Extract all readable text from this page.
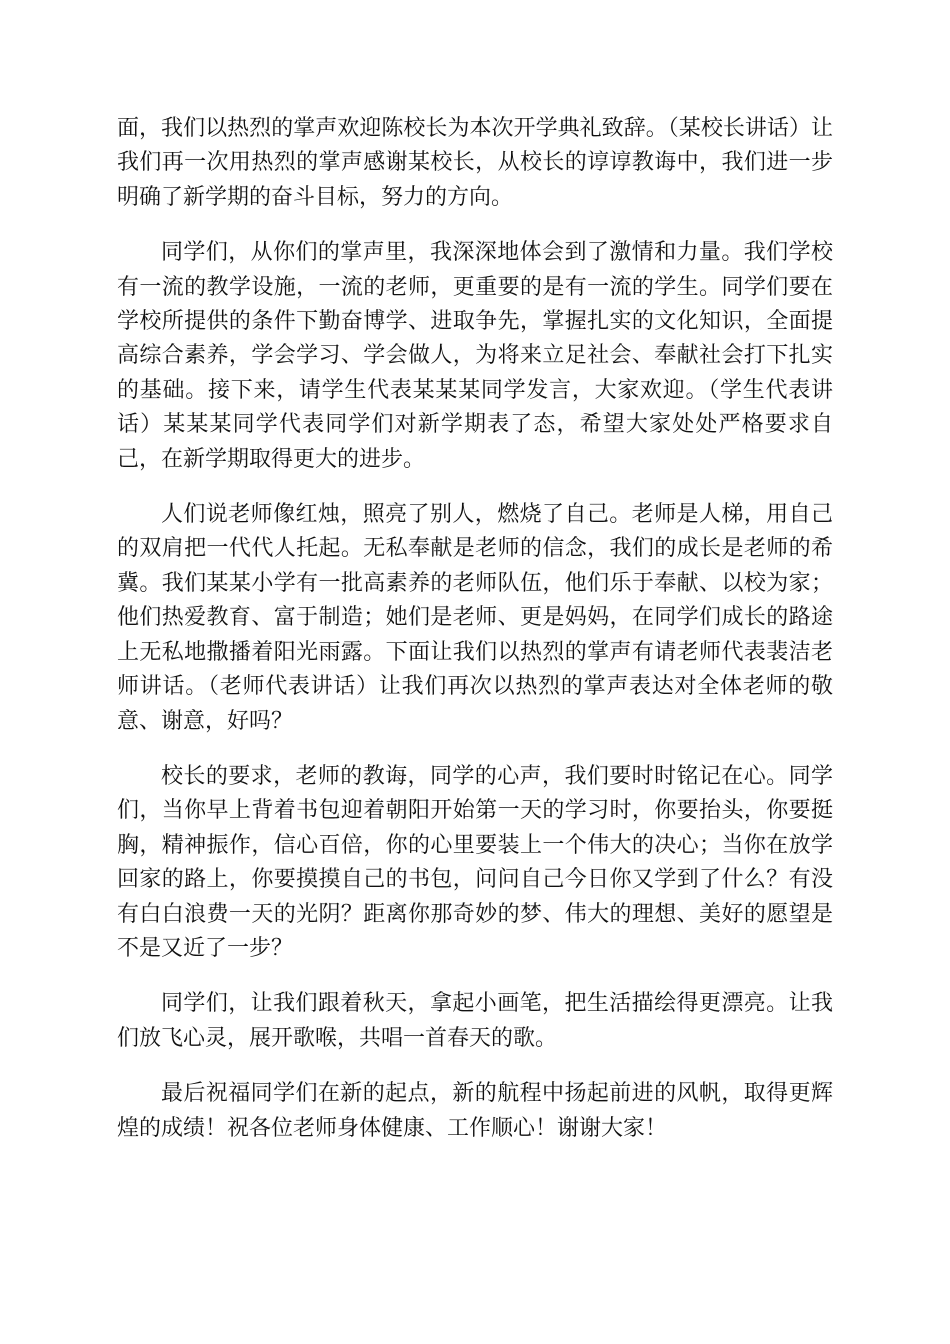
面，我们以热烈的掌声欢迎陈校长为本次开学典礼致辞。（某校长讲话）让我们再一次用热烈的掌声感谢某校长，从校长的谆谆教诲中，我们进一步明确了新学期的奋斗目标，努力的方向。

同学们，从你们的掌声里，我深深地体会到了激情和力量。我们学校有一流的教学设施，一流的老师，更重要的是有一流的学生。同学们要在学校所提供的条件下勤奋博学、进取争先，掌握扎实的文化知识，全面提高综合素养，学会学习、学会做人，为将来立足社会、奉献社会打下扎实的基础。接下来，请学生代表某某某同学发言，大家欢迎。（学生代表讲话）某某某同学代表同学们对新学期表了态，希望大家处处严格要求自己，在新学期取得更大的进步。

人们说老师像红烛，照亮了别人，燃烧了自己。老师是人梯，用自己的双肩把一代代人托起。无私奉献是老师的信念，我们的成长是老师的希冀。我们某某小学有一批高素养的老师队伍，他们乐于奉献、以校为家；他们热爱教育、富于制造；她们是老师、更是妈妈，在同学们成长的路途上无私地撒播着阳光雨露。下面让我们以热烈的掌声有请老师代表裴洁老师讲话。（老师代表讲话）让我们再次以热烈的掌声表达对全体老师的敬意、谢意，好吗？

校长的要求，老师的教诲，同学的心声，我们要时时铭记在心。同学们，当你早上背着书包迎着朝阳开始第一天的学习时，你要抬头，你要挺胸，精神振作，信心百倍，你的心里要装上一个伟大的决心；当你在放学回家的路上，你要摸摸自己的书包，问问自己今日你又学到了什么？有没有白白浪费一天的光阴？距离你那奇妙的梦、伟大的理想、美好的愿望是不是又近了一步？

同学们，让我们跟着秋天，拿起小画笔，把生活描绘得更漂亮。让我们放飞心灵，展开歌喉，共唱一首春天的歌。

最后祝福同学们在新的起点，新的航程中扬起前进的风帆，取得更辉煌的成绩！祝各位老师身体健康、工作顺心！谢谢大家！
